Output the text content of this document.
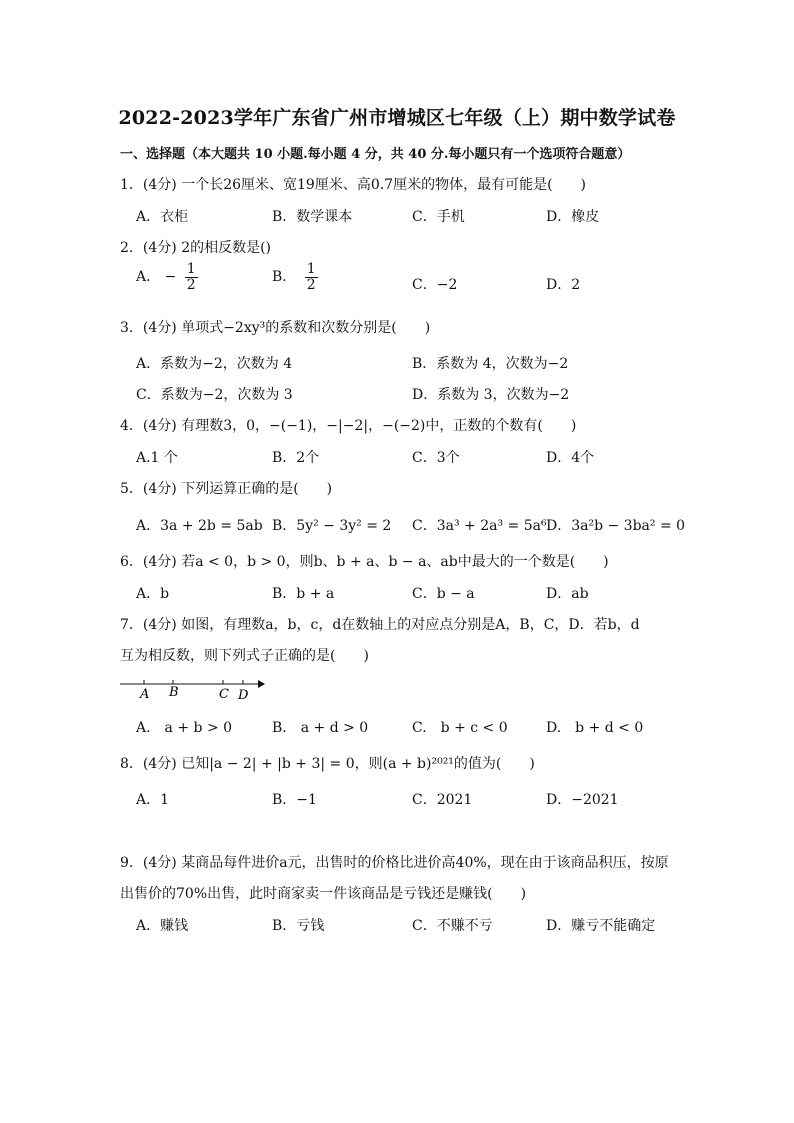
2022-2023学年广东省广州市增城区七年级（上）期中数学试卷
一、选择题（本大题共 10 小题.每小题 4 分，共 40 分.每小题只有一个选项符合题意）
1．(4分) 一个长26厘米、宽19厘米、高0.7厘米的物体，最有可能是(　　)
A．衣柜	B．数学课本	C．手机	D．橡皮
2．(4分) 2的相反数是()
A． − $\frac{1}{2}$	B． $\frac{1}{2}$	C．−2	D．2
3．(4分) 单项式−2xy³的系数和次数分别是(　　)
A．系数为−2，次数为 4	B．系数为 4，次数为−2
C．系数为−2，次数为 3	D．系数为 3，次数为−2
4．(4分) 有理数3，0，−(−1)，−|−2|，−(−2)中，正数的个数有(　　)
A.1 个	B．2个	C．3个	D．4个
5．(4分) 下列运算正确的是(　　)
A．3a + 2b = 5ab B．5y² − 3y² = 2 C．3a³ + 2a³ = 5a⁶ D．3a²b − 3ba² = 0
6．(4分) 若a < 0，b > 0，则b、b + a、b − a、ab中最大的一个数是(　　)
A．b	B．b + a	C．b − a	D．ab
7．(4分) 如图，有理数a，b，c，d在数轴上的对应点分别是A，B，C，D．若b，d
互为相反数，则下列式子正确的是(　　)
A B	C D
A.　a + b > 0	B.　a + d > 0	C.　b + c < 0	D.　b + d < 0
8．(4分) 已知|a − 2| + |b + 3| = 0，则(a + b)²⁰²¹的值为(　　)
A．1	B．−1	C．2021	D．−2021
9．(4分) 某商品每件进价a元，出售时的价格比进价高40%，现在由于该商品积压，按原
出售价的70%出售，此时商家卖一件该商品是亏钱还是赚钱(　　)
A．赚钱	B．亏钱	C．不赚不亏	D．赚亏不能确定
